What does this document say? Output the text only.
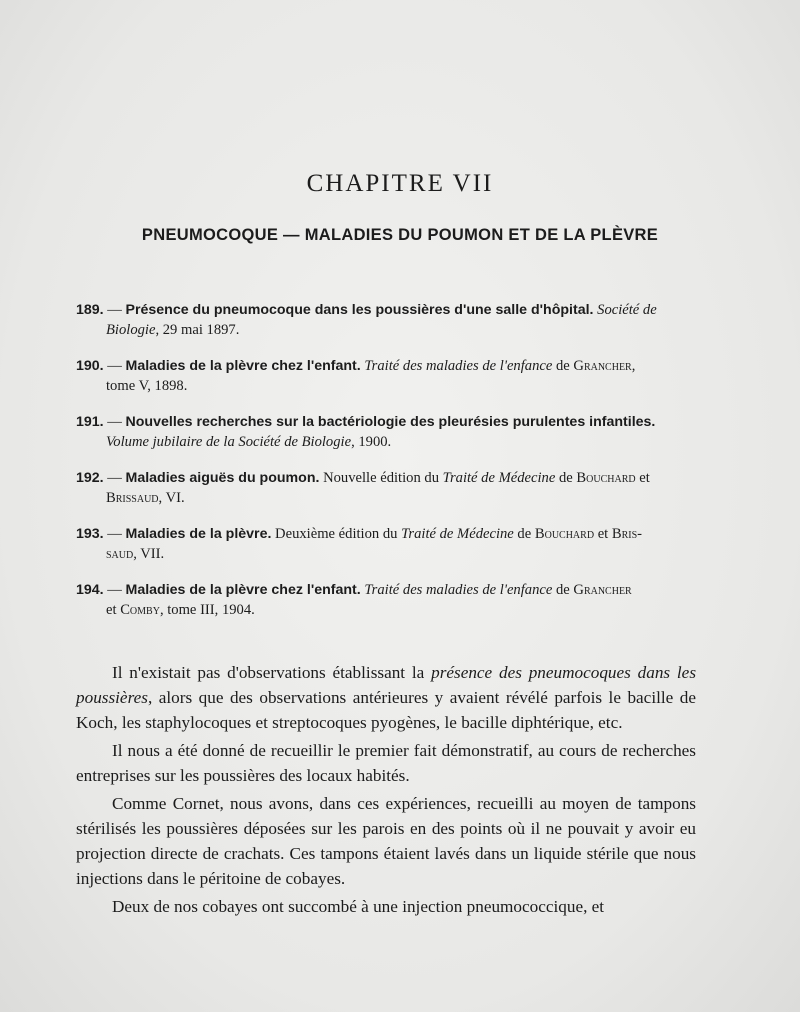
CHAPITRE VII
PNEUMOCOQUE — MALADIES DU POUMON ET DE LA PLÈVRE
189. — Présence du pneumocoque dans les poussières d'une salle d'hôpital. Société de
Biologie, 29 mai 1897.
190. — Maladies de la plèvre chez l'enfant. Traité des maladies de l'enfance de Grancher,
tome V, 1898.
191. — Nouvelles recherches sur la bactériologie des pleurésies purulentes infantiles.
Volume jubilaire de la Société de Biologie, 1900.
192. — Maladies aiguës du poumon. Nouvelle édition du Traité de Médecine de Bouchard et
Brissaud, VI.
193. — Maladies de la plèvre. Deuxième édition du Traité de Médecine de Bouchard et Bris-
saud, VII.
194. — Maladies de la plèvre chez l'enfant. Traité des maladies de l'enfance de Grancher
et Comby, tome III, 1904.

Il n'existait pas d'observations établissant la présence des pneumocoques dans les poussières, alors que des observations antérieures y avaient révélé parfois le bacille de Koch, les staphylocoques et streptocoques pyogènes, le bacille diphtérique, etc.

Il nous a été donné de recueillir le premier fait démonstratif, au cours de recherches entreprises sur les poussières des locaux habités.

Comme Cornet, nous avons, dans ces expériences, recueilli au moyen de tampons stérilisés les poussières déposées sur les parois en des points où il ne pouvait y avoir eu projection directe de crachats. Ces tampons étaient lavés dans un liquide stérile que nous injections dans le péritoine de cobayes.

Deux de nos cobayes ont succombé à une injection pneumococcique, et
